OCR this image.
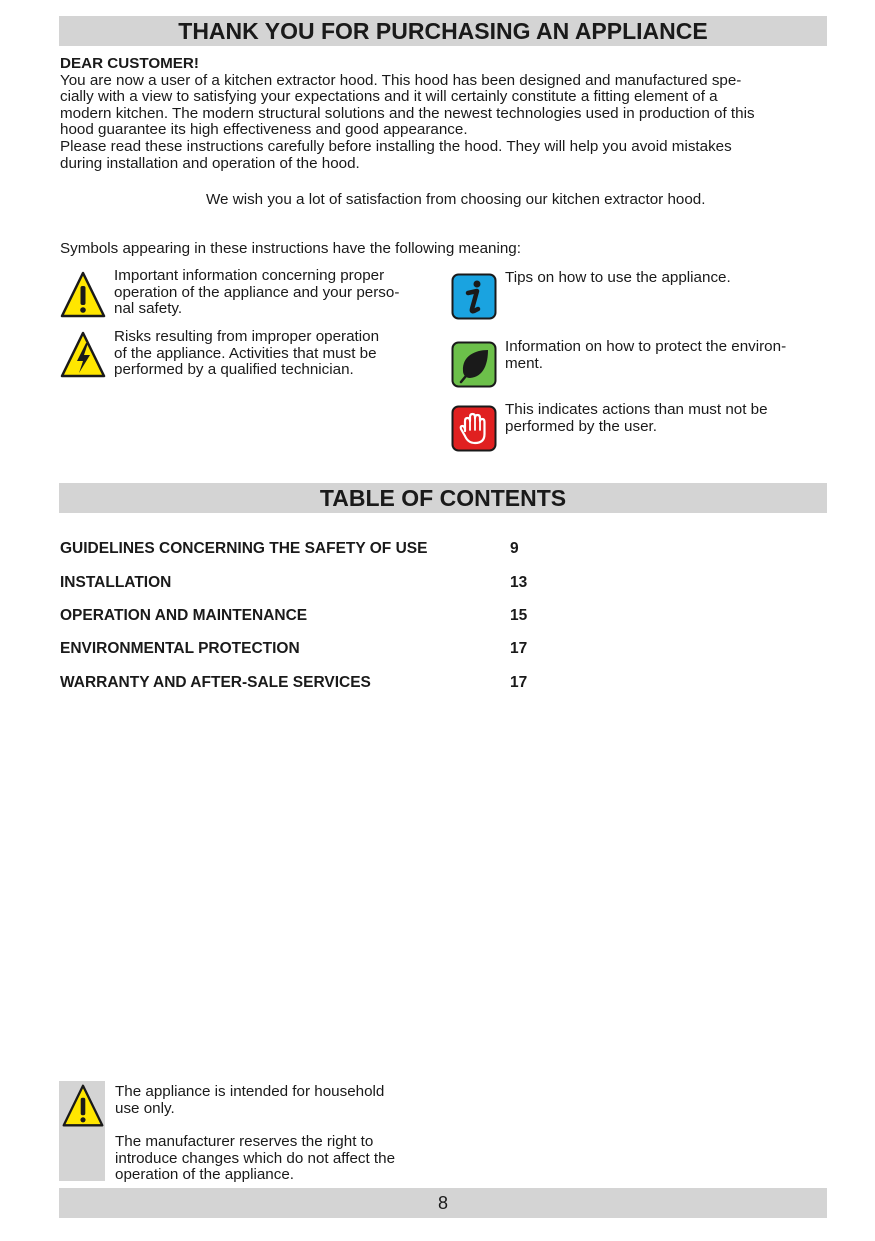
THANK YOU FOR PURCHASING AN APPLIANCE

DEAR CUSTOMER!

You are now a user of a kitchen extractor hood. This hood has been designed and manufactured spe-
cially with a view to satisfying your expectations and it will certainly constitute a fitting element of a
modern kitchen. The modern structural solutions and the newest technologies used in production of this
hood guarantee its high effectiveness and good appearance.

Please read these instructions carefully before installing the hood. They will help you avoid mistakes
during installation and operation of the hood.

We wish you a lot of satisfaction from choosing our kitchen extractor hood.
Symbols appearing in these instructions have the following meaning:
Important information concerning proper
operation of the appliance and your perso-
nal safety.
Risks resulting from improper operation
of the appliance. Activities that must be
performed by a qualified technician.
Tips on how to use the appliance.
Information on how to protect the environ-
ment.
This indicates actions than must not be performed by the user.
TABLE OF CONTENTS
GUIDELINES CONCERNING THE SAFETY OF USE	9
INSTALLATION	13
OPERATION AND MAINTENANCE	15
ENVIRONMENTAL PROTECTION	17
WARRANTY AND AFTER-SALE SERVICES	17
The appliance is intended for household
use only.
The manufacturer reserves the right to
introduce changes which do not affect the
operation of the appliance.
8
